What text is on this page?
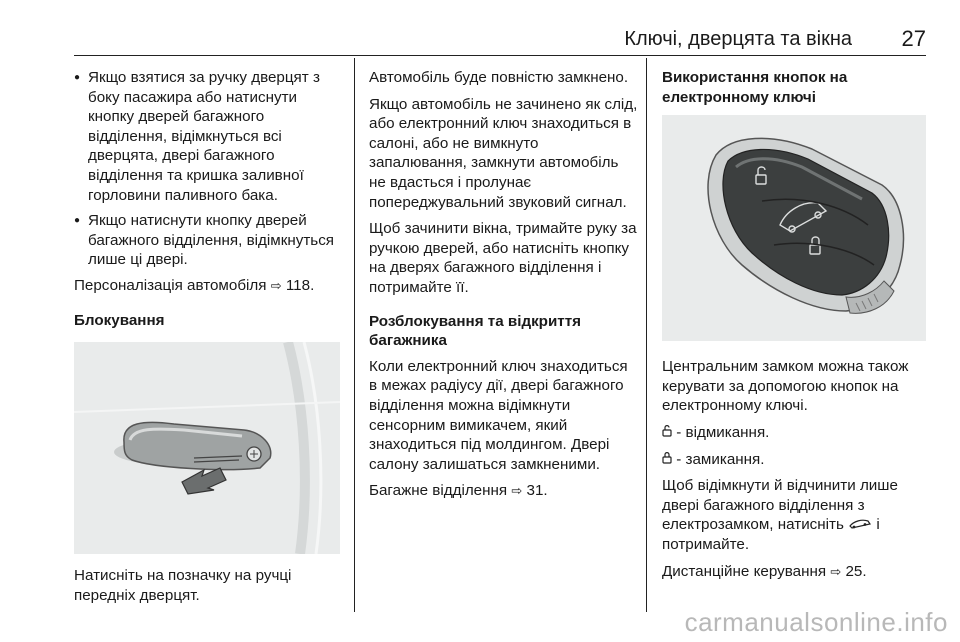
Ключі, дверцята та вікна 27
● Якщо взятися за ручку дверцят з боку пасажира або натиснути кнопку дверей багажного відділення, відімкнуться всі дверцята, двері багажного відділення та кришка заливної горловини паливного бака.
● Якщо натиснути кнопку дверей багажного відділення, відімкнуться лише ці двері.

Персоналізація автомобіля ⇨ 118.

Блокування

Натисніть на позначку на ручці передніх дверцят.

Автомобіль буде повністю замкнено.

Якщо автомобіль не зачинено як слід, або електронний ключ знаходиться в салоні, або не вимкнуто запалювання, замкнути автомобіль не вдасться і пролунає попереджувальний звуковий сигнал.

Щоб зачинити вікна, тримайте руку за ручкою дверей, або натисніть кнопку на дверях багажного відділення і потримайте її.

Розблокування та відкриття багажника

Коли електронний ключ знаходиться в межах радіусу дії, двері багажного відділення можна відімкнути сенсорним вимикачем, який знаходиться під молдингом. Двері салону залишаться замкненими.

Багажне відділення ⇨ 31.

Використання кнопок на електронному ключі

Центральним замком можна також керувати за допомогою кнопок на електронному ключі.

- відмикання.

- замикання.

Щоб відімкнути й відчинити лише двері багажного відділення з електрозамком, натисніть і потримайте.

Дистанційне керування ⇨ 25.

carmanualsonline.info
